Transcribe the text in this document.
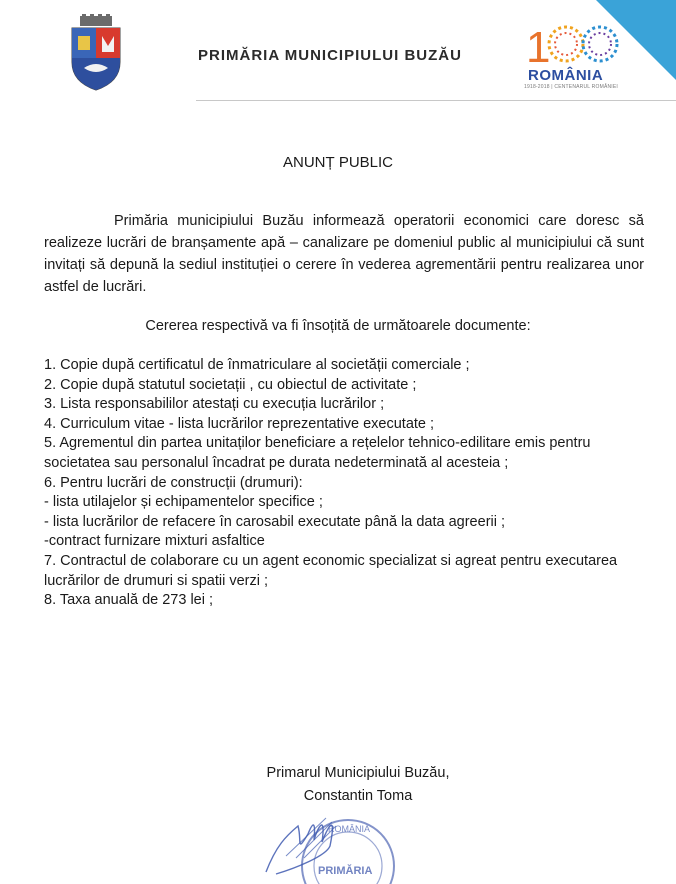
PRIMĂRIA MUNICIPIULUI BUZĂU 1
ROMÂNIA
1918-2018 | CENTENARUL ROMÂNIEI
ANUNȚ PUBLIC

Primăria municipiului Buzău informează operatorii economici care doresc să realizeze lucrări de branșamente apă – canalizare pe domeniul public al municipiului că sunt invitați să depună la sediul instituției o cerere în vederea agrementării pentru realizarea unor astfel de lucrări.

Cererea respectivă va fi însoțită de următoarele documente:
1. Copie după certificatul de înmatriculare al societății comerciale ;
2. Copie după statutul societații , cu obiectul de activitate ;
3. Lista responsabililor atestați cu execuția lucrărilor ;
4. Curriculum vitae - lista lucrărilor reprezentative executate ;
5. Agrementul din partea unitaților beneficiare a rețelelor tehnico-edilitare emis pentru societatea sau personalul încadrat pe durata nedeterminată al acesteia ;
6. Pentru lucrări de construcții (drumuri):
- lista utilajelor și echipamentelor specifice ;
- lista lucrărilor de refacere în carosabil executate până la data agreerii ;
-contract furnizare mixturi asfaltice
7. Contractul de colaborare cu un agent economic specializat si agreat pentru executarea lucrărilor de drumuri si spatii verzi ;
8. Taxa anuală de 273 lei ;
Primarul Municipiului Buzău,
Constantin Toma
ROMÂNIA
PRIMĂRIA
